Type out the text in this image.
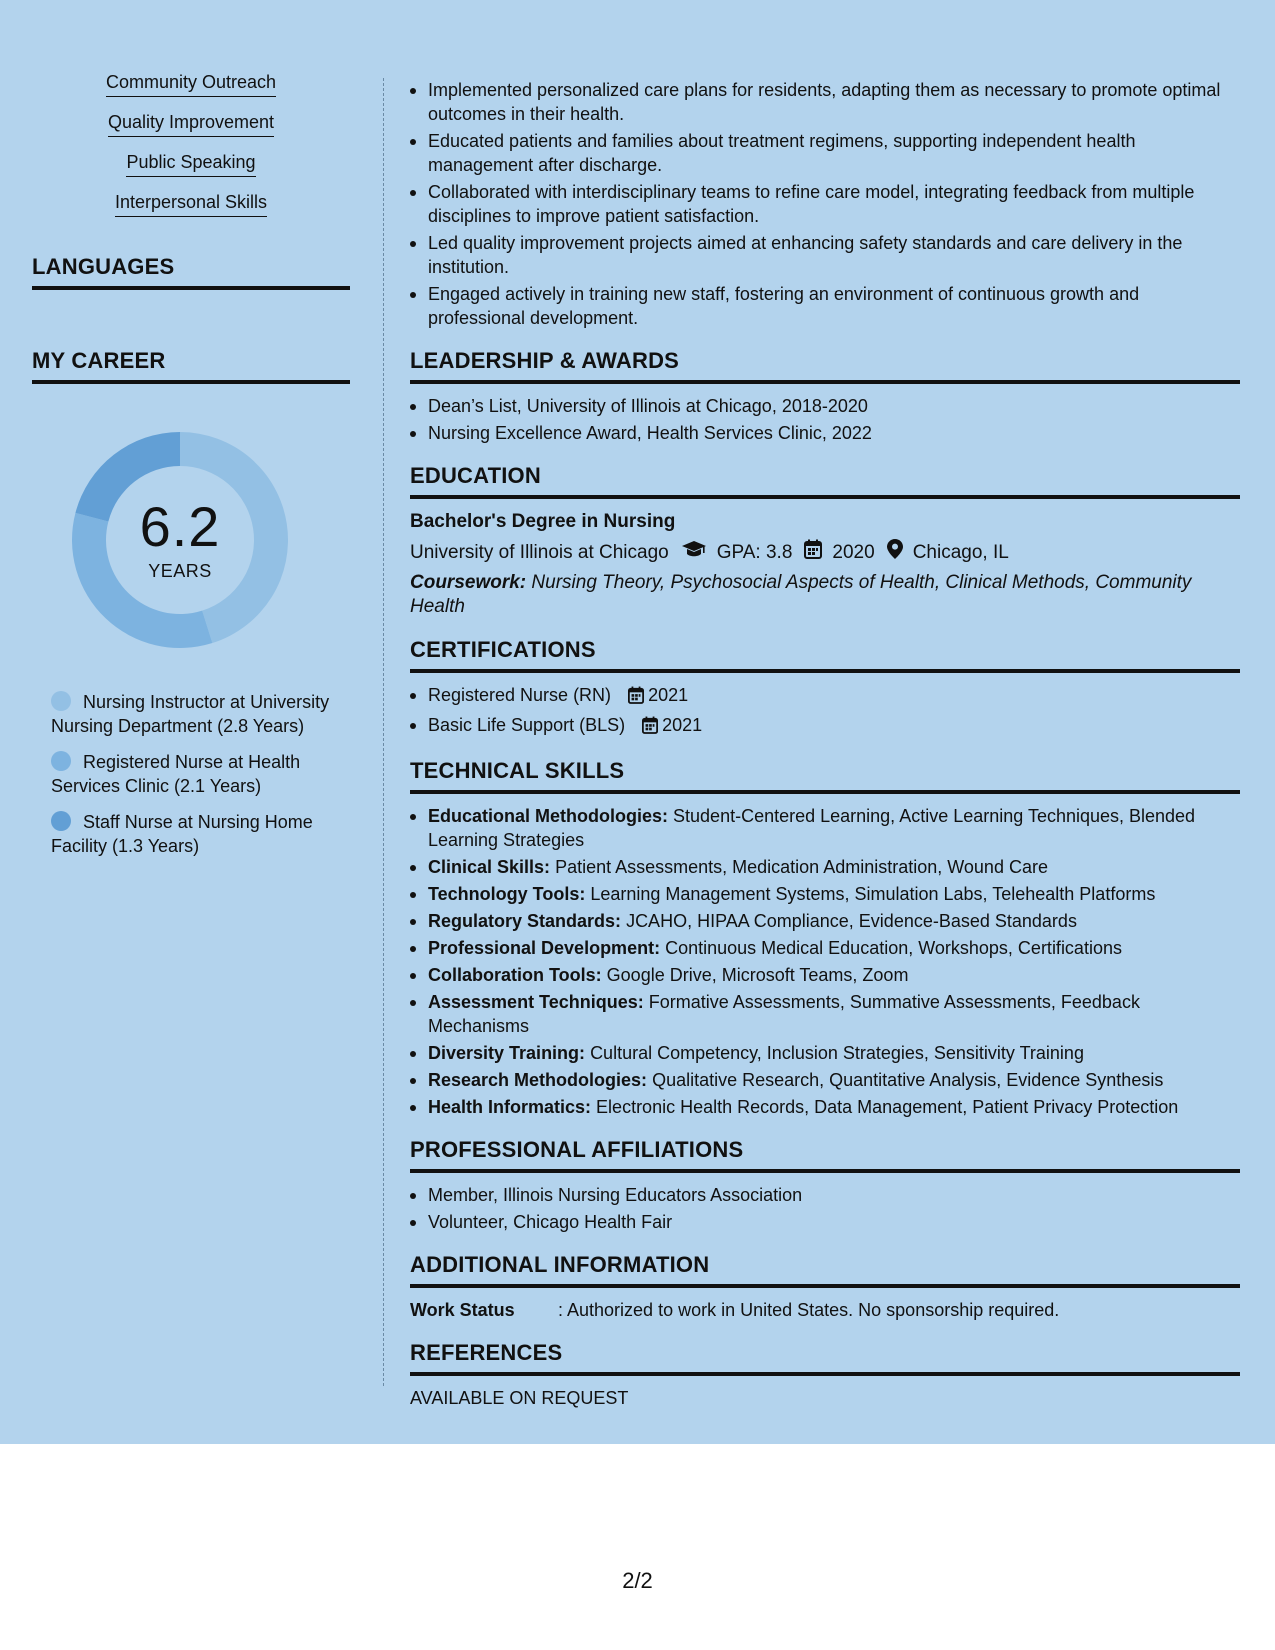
Community Outreach
Quality Improvement
Public Speaking
Interpersonal Skills
LANGUAGES
MY CAREER
6.2
YEARS
Nursing Instructor at University Nursing Department (2.8 Years)
Registered Nurse at Health Services Clinic (2.1 Years)
Staff Nurse at Nursing Home Facility (1.3 Years)
Implemented personalized care plans for residents, adapting them as necessary to promote optimal outcomes in their health.
Educated patients and families about treatment regimens, supporting independent health management after discharge.
Collaborated with interdisciplinary teams to refine care model, integrating feedback from multiple disciplines to improve patient satisfaction.
Led quality improvement projects aimed at enhancing safety standards and care delivery in the institution.
Engaged actively in training new staff, fostering an environment of continuous growth and professional development.
LEADERSHIP & AWARDS
Dean’s List, University of Illinois at Chicago, 2018-2020
Nursing Excellence Award, Health Services Clinic, 2022
EDUCATION
Bachelor's Degree in Nursing
University of Illinois at Chicago	GPA: 3.8 2020 Chicago, IL
Coursework: Nursing Theory, Psychosocial Aspects of Health, Clinical Methods, Community Health
CERTIFICATIONS
Registered Nurse (RN) 2021
Basic Life Support (BLS) 2021
TECHNICAL SKILLS
Educational Methodologies: Student-Centered Learning, Active Learning Techniques, Blended Learning Strategies
Clinical Skills: Patient Assessments, Medication Administration, Wound Care
Technology Tools: Learning Management Systems, Simulation Labs, Telehealth Platforms
Regulatory Standards: JCAHO, HIPAA Compliance, Evidence-Based Standards
Professional Development: Continuous Medical Education, Workshops, Certifications
Collaboration Tools: Google Drive, Microsoft Teams, Zoom
Assessment Techniques: Formative Assessments, Summative Assessments, Feedback Mechanisms
Diversity Training: Cultural Competency, Inclusion Strategies, Sensitivity Training
Research Methodologies: Qualitative Research, Quantitative Analysis, Evidence Synthesis
Health Informatics: Electronic Health Records, Data Management, Patient Privacy Protection
PROFESSIONAL AFFILIATIONS
Member, Illinois Nursing Educators Association
Volunteer, Chicago Health Fair
ADDITIONAL INFORMATION
Work Status	: Authorized to work in United States. No sponsorship required.
REFERENCES
AVAILABLE ON REQUEST
2/2
